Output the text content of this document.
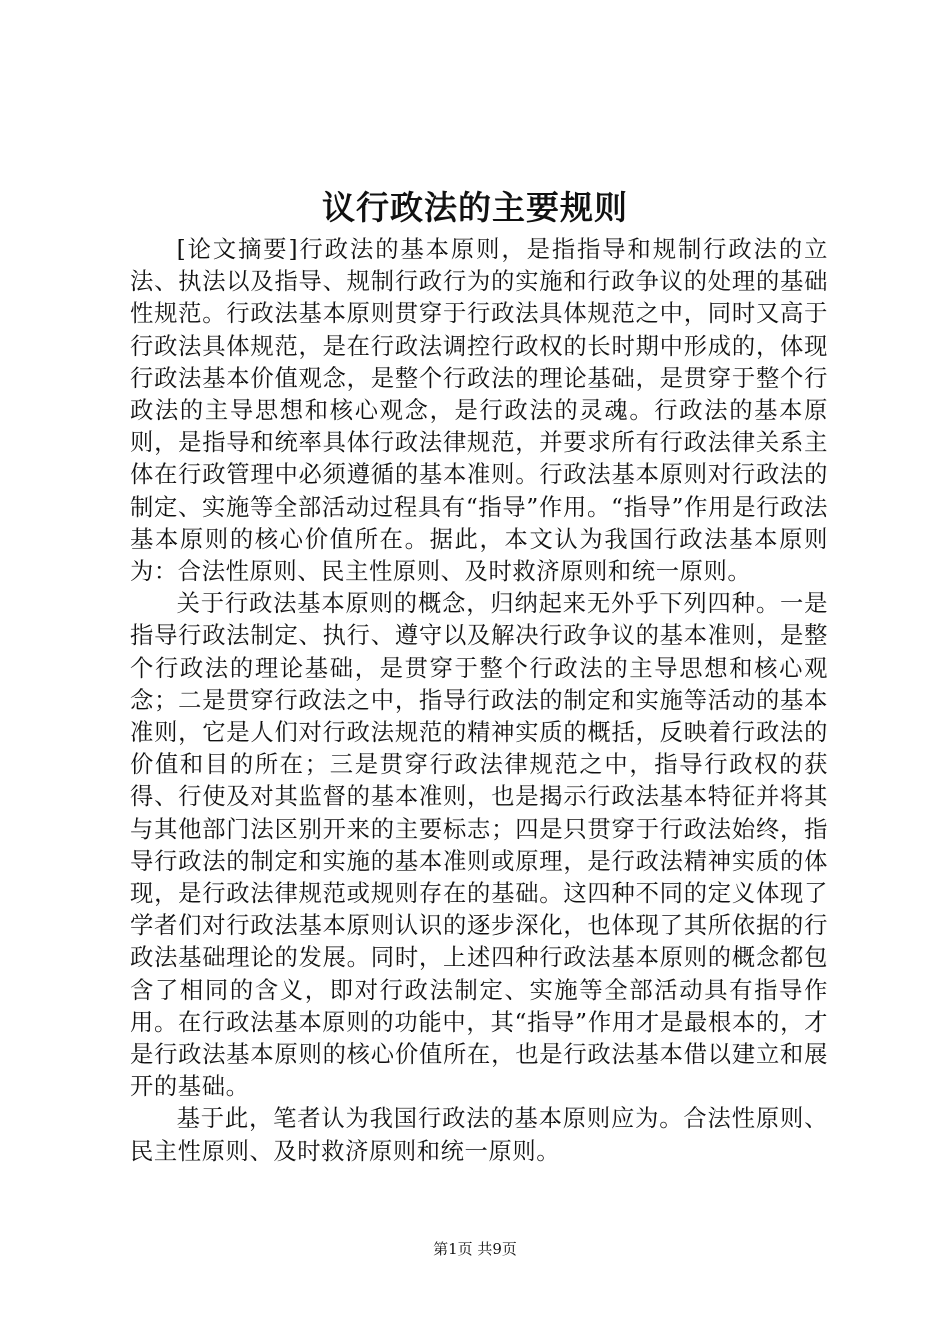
议行政法的主要规则

[论文摘要]行政法的基本原则，是指指导和规制行政法的立法、执法以及指导、规制行政行为的实施和行政争议的处理的基础性规范。行政法基本原则贯穿于行政法具体规范之中，同时又高于行政法具体规范，是在行政法调控行政权的长时期中形成的，体现行政法基本价值观念，是整个行政法的理论基础，是贯穿于整个行政法的主导思想和核心观念，是行政法的灵魂。行政法的基本原则，是指导和统率具体行政法律规范，并要求所有行政法律关系主体在行政管理中必须遵循的基本准则。行政法基本原则对行政法的制定、实施等全部活动过程具有“指导”作用。“指导”作用是行政法基本原则的核心价值所在。据此，本文认为我国行政法基本原则为：合法性原则、民主性原则、及时救济原则和统一原则。

关于行政法基本原则的概念，归纳起来无外乎下列四种。一是指导行政法制定、执行、遵守以及解决行政争议的基本准则，是整个行政法的理论基础，是贯穿于整个行政法的主导思想和核心观念；二是贯穿行政法之中，指导行政法的制定和实施等活动的基本准则，它是人们对行政法规范的精神实质的概括，反映着行政法的价值和目的所在；三是贯穿行政法律规范之中，指导行政权的获得、行使及对其监督的基本准则，也是揭示行政法基本特征并将其与其他部门法区别开来的主要标志；四是只贯穿于行政法始终，指导行政法的制定和实施的基本准则或原理，是行政法精神实质的体现，是行政法律规范或规则存在的基础。这四种不同的定义体现了学者们对行政法基本原则认识的逐步深化，也体现了其所依据的行政法基础理论的发展。同时，上述四种行政法基本原则的概念都包含了相同的含义，即对行政法制定、实施等全部活动具有指导作用。在行政法基本原则的功能中，其“指导”作用才是最根本的，才是行政法基本原则的核心价值所在，也是行政法基本借以建立和展开的基础。

基于此，笔者认为我国行政法的基本原则应为。合法性原则、民主性原则、及时救济原则和统一原则。

第1页 共9页
